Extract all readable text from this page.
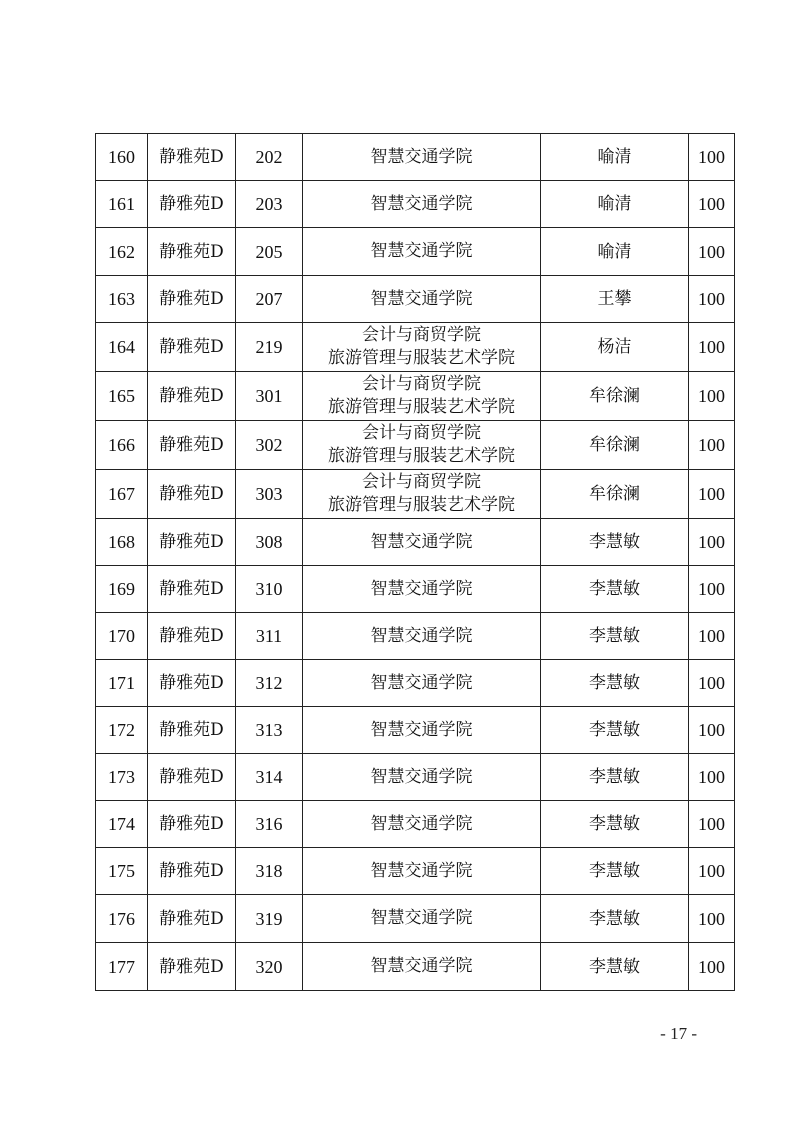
160	静雅苑D	202	智慧交通学院	喻清	100
161	静雅苑D	203	智慧交通学院	喻清	100
162	静雅苑D	205	智慧交通学院	喻清	100
163	静雅苑D	207	智慧交通学院	王攀	100
164	静雅苑D	219	会计与商贸学院
旅游管理与服装艺术学院	杨洁	100
165	静雅苑D	301	会计与商贸学院
旅游管理与服装艺术学院	牟徐澜	100
166	静雅苑D	302	会计与商贸学院
旅游管理与服装艺术学院	牟徐澜	100
167	静雅苑D	303	会计与商贸学院
旅游管理与服装艺术学院	牟徐澜	100
168	静雅苑D	308	智慧交通学院	李慧敏	100
169	静雅苑D	310	智慧交通学院	李慧敏	100
170	静雅苑D	311	智慧交通学院	李慧敏	100
171	静雅苑D	312	智慧交通学院	李慧敏	100
172	静雅苑D	313	智慧交通学院	李慧敏	100
173	静雅苑D	314	智慧交通学院	李慧敏	100
174	静雅苑D	316	智慧交通学院	李慧敏	100
175	静雅苑D	318	智慧交通学院	李慧敏	100
176	静雅苑D	319	智慧交通学院	李慧敏	100
177	静雅苑D	320	智慧交通学院	李慧敏	100
- 17 -
